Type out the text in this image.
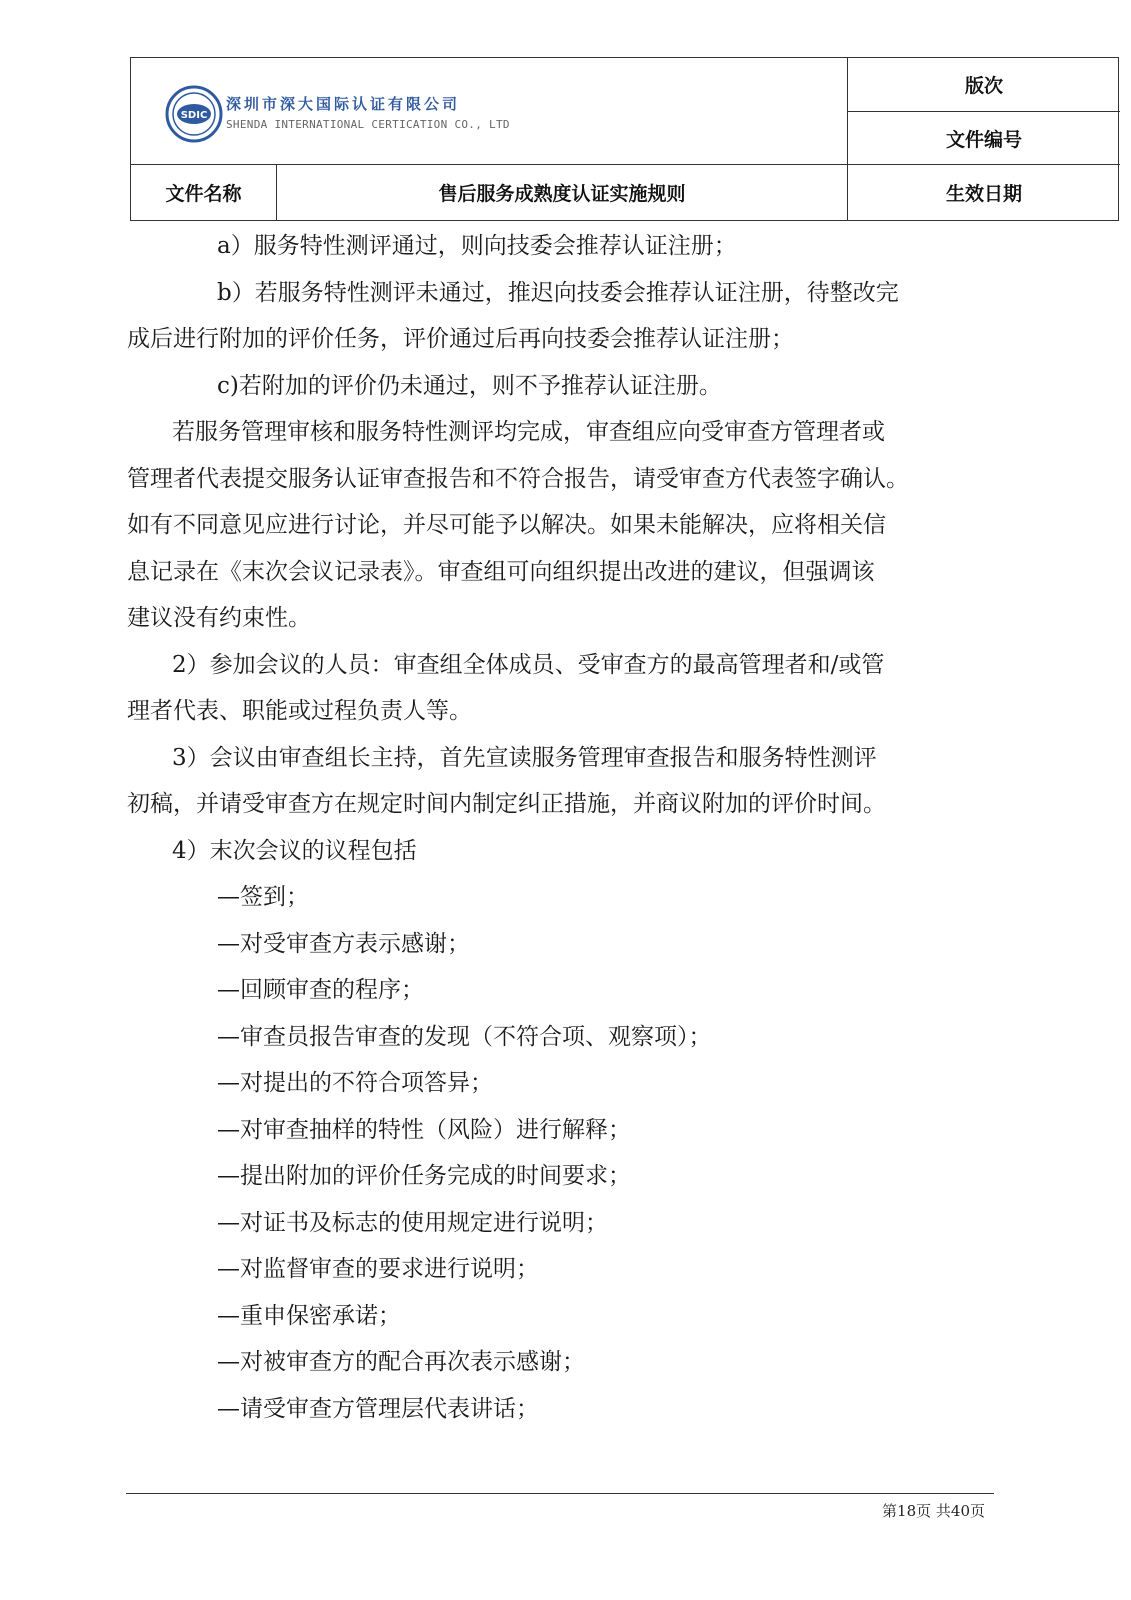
SDIC
深圳市深大国际认证有限公司
SHENDA INTERNATIONAL CERTICATION CO., LTD
版次
文件编号
文件名称	售后服务成熟度认证实施规则	生效日期
a）服务特性测评通过，则向技委会推荐认证注册；
b）若服务特性测评未通过，推迟向技委会推荐认证注册，待整改完
成后进行附加的评价任务，评价通过后再向技委会推荐认证注册；
c)若附加的评价仍未通过，则不予推荐认证注册。
若服务管理审核和服务特性测评均完成，审查组应向受审查方管理者或
管理者代表提交服务认证审查报告和不符合报告，请受审查方代表签字确认。
如有不同意见应进行讨论，并尽可能予以解决。如果未能解决，应将相关信
息记录在《末次会议记录表》。审查组可向组织提出改进的建议，但强调该
建议没有约束性。
2）参加会议的人员：审查组全体成员、受审查方的最高管理者和/或管
理者代表、职能或过程负责人等。
3）会议由审查组长主持，首先宣读服务管理审查报告和服务特性测评
初稿，并请受审查方在规定时间内制定纠正措施，并商议附加的评价时间。
4）末次会议的议程包括
—签到；
—对受审查方表示感谢；
—回顾审查的程序；
—审查员报告审查的发现（不符合项、观察项）；
—对提出的不符合项答异；
—对审查抽样的特性（风险）进行解释；
—提出附加的评价任务完成的时间要求；
—对证书及标志的使用规定进行说明；
—对监督审查的要求进行说明；
—重申保密承诺；
—对被审查方的配合再次表示感谢；
—请受审查方管理层代表讲话；
第18页 共40页
